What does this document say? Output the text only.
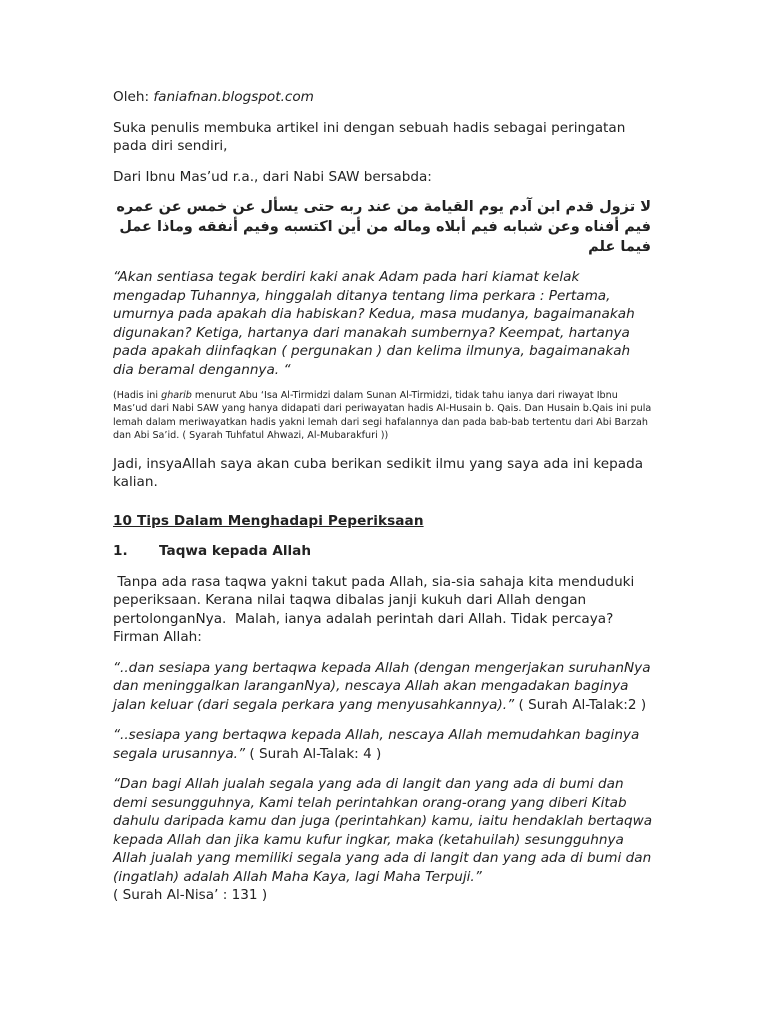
Oleh: faniafnan.blogspot.com

Suka penulis membuka artikel ini dengan sebuah hadis sebagai peringatan pada diri sendiri,

Dari Ibnu Mas’ud r.a., dari Nabi SAW bersabda:

لا تزول قدم ابن آدم يوم القيامة من عند ربه حتى يسأل عن خمس عن عمره فيم أفناه وعن شبابه فيم أبلاه وماله من أين اكتسبه وفيم أنفقه وماذا عمل فيما علم

“Akan sentiasa tegak berdiri kaki anak Adam pada hari kiamat kelak mengadap Tuhannya, hinggalah ditanya tentang lima perkara : Pertama, umurnya pada apakah dia habiskan? Kedua, masa mudanya, bagaimanakah digunakan? Ketiga, hartanya dari manakah sumbernya? Keempat, hartanya pada apakah diinfaqkan ( pergunakan ) dan kelima ilmunya, bagaimanakah dia beramal dengannya. “

(Hadis ini gharib menurut Abu ‘Isa Al-Tirmidzi dalam Sunan Al-Tirmidzi, tidak tahu ianya dari riwayat Ibnu Mas’ud dari Nabi SAW yang hanya didapati dari periwayatan hadis Al-Husain b. Qais. Dan Husain b.Qais ini pula lemah dalam meriwayatkan hadis yakni lemah dari segi hafalannya dan pada bab-bab tertentu dari Abi Barzah dan Abi Sa’id. ( Syarah Tuhfatul Ahwazi, Al-Mubarakfuri ))

Jadi, insyaAllah saya akan cuba berikan sedikit ilmu yang saya ada ini kepada kalian.

10 Tips Dalam Menghadapi Peperiksaan

1.	Taqwa kepada Allah

Tanpa ada rasa taqwa yakni takut pada Allah, sia-sia sahaja kita menduduki peperiksaan. Kerana nilai taqwa dibalas janji kukuh dari Allah dengan pertolonganNya.  Malah, ianya adalah perintah dari Allah. Tidak percaya? Firman Allah:

“..dan sesiapa yang bertaqwa kepada Allah (dengan mengerjakan suruhanNya dan meninggalkan laranganNya), nescaya Allah akan mengadakan baginya jalan keluar (dari segala perkara yang menyusahkannya).” ( Surah Al-Talak:2 )

“..sesiapa yang bertaqwa kepada Allah, nescaya Allah memudahkan baginya segala urusannya.” ( Surah Al-Talak: 4 )

“Dan bagi Allah jualah segala yang ada di langit dan yang ada di bumi dan demi sesungguhnya, Kami telah perintahkan orang-orang yang diberi Kitab dahulu daripada kamu dan juga (perintahkan) kamu, iaitu hendaklah bertaqwa kepada Allah dan jika kamu kufur ingkar, maka (ketahuilah) sesungguhnya Allah jualah yang memiliki segala yang ada di langit dan yang ada di bumi dan (ingatlah) adalah Allah Maha Kaya, lagi Maha Terpuji.”
( Surah Al-Nisa’ : 131 )
